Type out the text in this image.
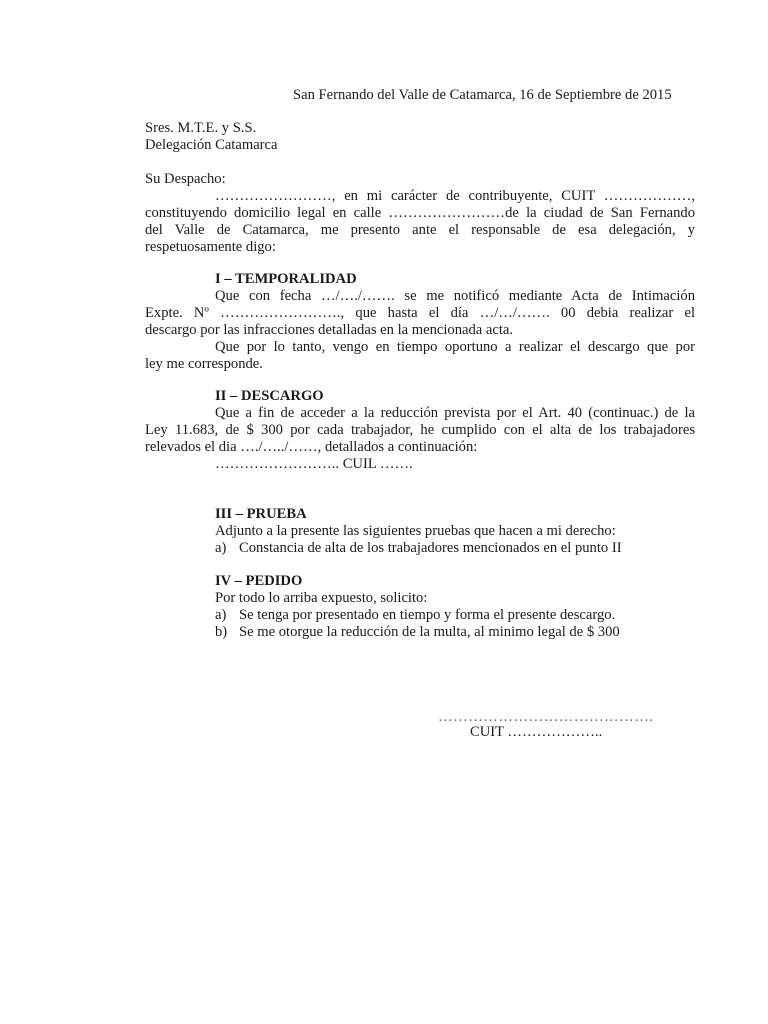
San Fernando del Valle de Catamarca, 16 de Septiembre de 2015
Sres. M.T.E. y S.S.
Delegación Catamarca
Su Despacho:
……………………, en mi carácter de contribuyente, CUIT ………………,
constituyendo domicilio legal en calle ……………………de la ciudad de San Fernando
del Valle de Catamarca, me presento ante el responsable de esa delegación, y
respetuosamente digo:
I – TEMPORALIDAD
Que con fecha …/…./……. se me notificó mediante Acta de Intimación
Expte. Nº ……………………., que hasta el día …/…/……. 00 debia realizar el
descargo por las infracciones detalladas en la mencionada acta.
Que por lo tanto, vengo en tiempo oportuno a realizar el descargo que por
ley me corresponde.
II – DESCARGO
Que a fin de acceder a la reducción prevista por el Art. 40 (continuac.) de la
Ley 11.683, de $ 300 por cada trabajador, he cumplido con el alta de los trabajadores
relevados el dia …./…../……, detallados a continuación:
…………………….. CUIL …….
III – PRUEBA
Adjunto a la presente las siguientes pruebas que hacen a mi derecho:
a) Constancia de alta de los trabajadores mencionados en el punto II
IV – PEDIDO
Por todo lo arriba expuesto, solicito:
a) Se tenga por presentado en tiempo y forma el presente descargo.
b) Se me otorgue la reducción de la multa, al minimo legal de $ 300
…………………………………….
CUIT ………………..
